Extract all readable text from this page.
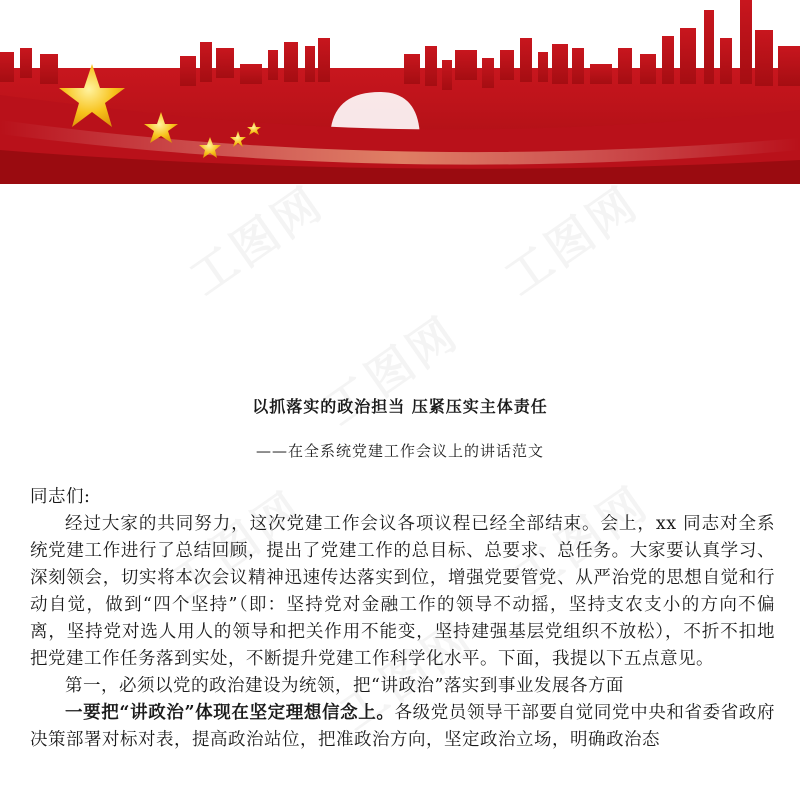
以抓落实的政治担当 压紧压实主体责任
——在全系统党建工作会议上的讲话范文

同志们:

经过大家的共同努力，这次党建工作会议各项议程已经全部结束。会上，xx 同志对全系统党建工作进行了总结回顾，提出了党建工作的总目标、总要求、总任务。大家要认真学习、深刻领会，切实将本次会议精神迅速传达落实到位，增强党要管党、从严治党的思想自觉和行动自觉，做到“四个坚持”（即：坚持党对金融工作的领导不动摇，坚持支农支小的方向不偏离，坚持党对选人用人的领导和把关作用不能变，坚持建强基层党组织不放松），不折不扣地把党建工作任务落到实处，不断提升党建工作科学化水平。下面，我提以下五点意见。

第一，必须以党的政治建设为统领，把“讲政治”落实到事业发展各方面

一要把“讲政治”体现在坚定理想信念上。各级党员领导干部要自觉同党中央和省委省政府决策部署对标对表，提高政治站位，把准政治方向，坚定政治立场，明确政治态
